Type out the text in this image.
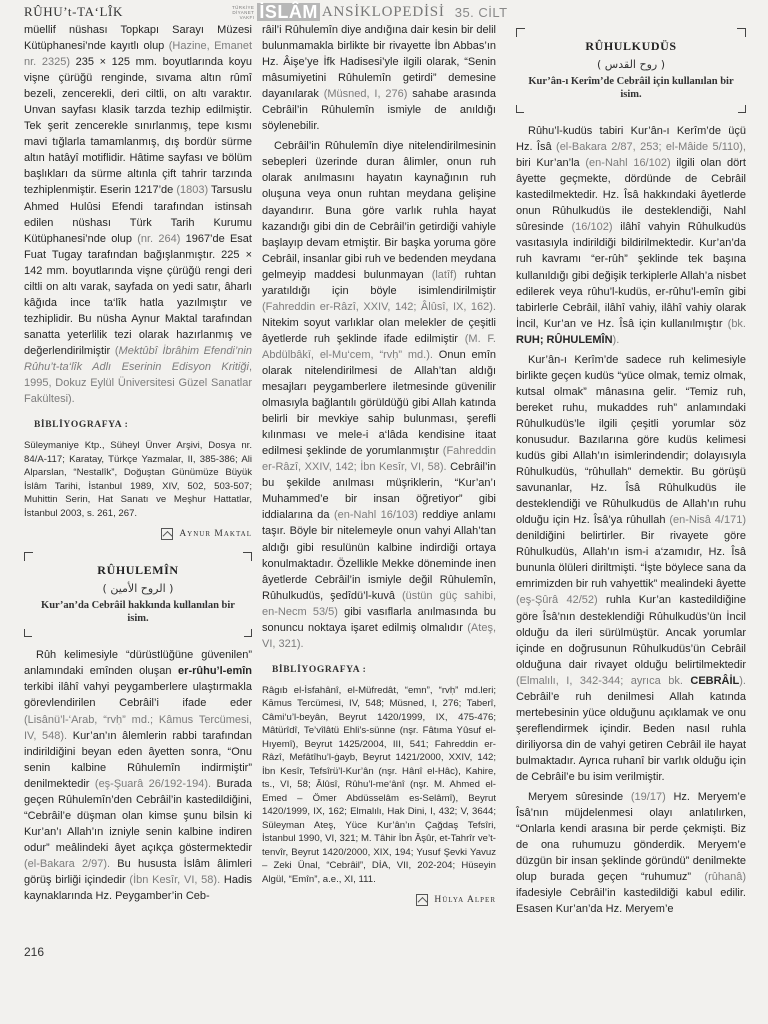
RÛHU’t-TA‘LÎK	TÜRKİYE
DİYANET
VAKFI İSLÂM ANSİKLOPEDİSİ 35. CİLT

müellif nüshası Topkapı Sarayı Müzesi Kütüphanesi’nde kayıtlı olup (Hazine, Emanet nr. 2325) 235 × 125 mm. boyutlarında koyu vişne çürüğü renginde, sıvama altın rûmî bezeli, zencerekli, deri ciltli, on altı varaktır. Unvan sayfası klasik tarzda tezhip edilmiştir. Tek şerit zencerekle sınırlanmış, tepe kısmı mavi tığlarla tamamlanmış, dış bordür sürme altın hatâyî motiflidir. Hâtime sayfası ve bölüm başlıkları da sürme altınla çift tahrir tarzında tezhiplenmiştir. Eserin 1217’de (1803) Tarsuslu Ahmed Hulûsi Efendi tarafından istinsah edilen nüshası Türk Tarih Kurumu Kütüphanesi’nde olup (nr. 264) 1967’de Esat Fuat Tugay tarafından bağışlanmıştır. 225 × 142 mm. boyutlarında vişne çürüğü rengi deri ciltli on altı varak, sayfada on yedi satır, âharlı kâğıda ince ta‘lîk hatla yazılmıştır ve tezhiplidir. Bu nüsha Aynur Maktal tarafından sanatta yeterlilik tezi olarak hazırlanmış ve değerlendirilmiştir (Mektûbî İbrâhim Efendi’nin Rûhu’t-ta‘lîk Adlı Eserinin Edisyon Kritiği, 1995, Dokuz Eylül Üniversitesi Güzel Sanatlar Fakültesi).

BİBLİYOGRAFYA :

Süleymaniye Ktp., Süheyl Ünver Arşivi, Dosya nr. 84/A-117; Karatay, Türkçe Yazmalar, II, 385-386; Ali Alparslan, “Nestalîk”, Doğuştan Günümüze Büyük İslâm Tarihi, İstanbul 1989, XIV, 502, 503-507; Muhittin Serin, Hat Sanatı ve Meşhur Hattatlar, İstanbul 2003, s. 261, 267.

Aynur Maktal
RÛHULEMÎN
( الروح الأمين )
Kur’an’da Cebrâil hakkında kullanılan bir isim.

Rûh kelimesiyle “dürüstlüğüne güvenilen” anlamındaki emînden oluşan er-rûhu’l-emîn terkibi ilâhî vahyi peygamberlere ulaştırmakla görevlendirilen Cebrâil’i ifade eder (Lisânü’l-‘Arab, “rvḥ” md.; Kâmus Tercümesi, IV, 548). Kur’an’ın âlemlerin rabbi tarafından indirildiğini beyan eden âyetten sonra, “Onu senin kalbine Rûhulemîn indirmiştir” denilmektedir (eş-Şuarâ 26/192-194). Burada geçen Rûhulemîn’den Cebrâil’in kastedildiğini, “Cebrâil’e düşman olan kimse şunu bilsin ki Kur’an’ı Allah’ın izniyle senin kalbine indiren odur” meâlindeki âyet açıkça göstermektedir (el-Bakara 2/97). Bu hususta İslâm âlimleri görüş birliği içindedir (İbn Kesîr, VI, 58). Hadis kaynaklarında Hz. Peygamber’in Ceb-

râil’i Rûhulemîn diye andığına dair kesin bir delil bulunmamakla birlikte bir rivayette İbn Abbas’ın Hz. Âişe’ye İfk Hadisesi’yle ilgili olarak, “Senin mâsumiyetini Rûhulemîn getirdi” demesine dayanılarak (Müsned, I, 276) sahabe arasında Cebrâil’in Rûhulemîn ismiyle de anıldığı söylenebilir.

Cebrâil’in Rûhulemîn diye nitelendirilmesinin sebepleri üzerinde duran âlimler, onun ruh olarak anılmasını hayatın kaynağının ruh oluşuna veya onun ruhtan meydana gelişine dayandırır. Buna göre varlık ruhla hayat kazandığı gibi din de Cebrâil’in getirdiği vahiyle başlayıp devam etmiştir. Bir başka yoruma göre Cebrâil, insanlar gibi ruh ve bedenden meydana gelmeyip maddesi bulunmayan (latîf) ruhtan yaratıldığı için böyle isimlendirilmiştir (Fahreddin er-Râzî, XXIV, 142; Âlûsî, IX, 162). Nitekim soyut varlıklar olan melekler de çeşitli âyetlerde ruh şeklinde ifade edilmiştir (M. F. Abdülbâkī, el-Mu‘cem, “rvḥ” md.). Onun emîn olarak nitelendirilmesi de Allah’tan aldığı mesajları peygamberlere iletmesinde güvenilir olmasıyla bağlantılı görüldüğü gibi Allah katında belirli bir mevkiye sahip bulunması, şerefli kılınması ve mele-i a‘lâda kendisine itaat edilmesi şeklinde de yorumlanmıştır (Fahreddin er-Râzî, XXIV, 142; İbn Kesîr, VI, 58). Cebrâil’in bu şekilde anılması müşriklerin, “Kur’an’ı Muhammed’e bir insan öğretiyor” gibi iddialarına da (en-Nahl 16/103) reddiye anlamı taşır. Böyle bir nitelemeyle onun vahyi Allah’tan aldığı gibi resulünün kalbine indirdiği ortaya konulmaktadır. Özellikle Mekke döneminde inen âyetlerde Cebrâil’in ismiyle değil Rûhulemîn, Rûhulkudüs, şedîdü’l-kuvâ (üstün güç sahibi, en-Necm 53/5) gibi vasıflarla anılmasında bu sonuncu noktaya işaret edilmiş olmalıdır (Ateş, VI, 321).

BİBLİYOGRAFYA :

Râgıb el-İsfahânî, el-Müfredât, “emn”, “rvḥ” md.leri; Kāmus Tercümesi, IV, 548; Müsned, I, 276; Taberî, Câmi‘u’l-beyân, Beyrut 1420/1999, IX, 475-476; Mâtürîdî, Te’vîlâtü Ehli’s-sünne (nşr. Fâtıma Yûsuf el-Hıyemî), Beyrut 1425/2004, III, 541; Fahreddin er-Râzî, Mefâtîhu’l-ġayb, Beyrut 1421/2000, XXIV, 142; İbn Kesîr, Tefsîrü’l-Kur’ân (nşr. Hânî el-Hâc), Kahire, ts., VI, 58; Âlûsî, Rûhu’l-me‘ânî (nşr. M. Ahmed el-Emed – Ömer Abdüsselâm es-Selâmî), Beyrut 1420/1999, IX, 162; Elmalılı, Hak Dini, I, 432; V, 3644; Süleyman Ateş, Yüce Kur’ân’ın Çağdaş Tefsîri, İstanbul 1990, VI, 321; M. Tâhir İbn Âşûr, et-Tahrîr ve’t-tenvîr, Beyrut 1420/2000, XIX, 194; Yusuf Şevki Yavuz – Zeki Ünal, “Cebrâil”, DİA, VII, 202-204; Hüseyin Algül, “Emîn”, a.e., XI, 111.

Hülya Alper
RÛHULKUDÜS
( روح القدس )
Kur’ân-ı Kerîm’de Cebrâil için kullanılan bir isim.

Rûhu’l-kudüs tabiri Kur’ân-ı Kerîm’de üçü Hz. Îsâ (el-Bakara 2/87, 253; el-Mâide 5/110), biri Kur’an’la (en-Nahl 16/102) ilgili olan dört âyette geçmekte, dördünde de Cebrâil kastedilmektedir. Hz. Îsâ hakkındaki âyetlerde onun Rûhulkudüs ile desteklendiği, Nahl sûresinde (16/102) ilâhî vahyin Rûhulkudüs vasıtasıyla indirildiği bildirilmektedir. Kur’an’da ruh kavramı “er-rûh” şeklinde tek başına kullanıldığı gibi değişik terkiplerle Allah’a nisbet edilerek veya rûhu’l-kudüs, er-rûhu’l-emîn gibi tabirlerle Cebrâil, ilâhî vahiy, ilâhî vahiy olarak İncil, Kur’an ve Hz. Îsâ için kullanılmıştır (bk. RUH; RÛHULEMÎN).

Kur’ân-ı Kerîm’de sadece ruh kelimesiyle birlikte geçen kudüs “yüce olmak, temiz olmak, kutsal olmak” mânasına gelir. “Temiz ruh, bereket ruhu, mukaddes ruh” anlamındaki Rûhulkudüs’le ilgili çeşitli yorumlar söz konusudur. Bazılarına göre kudüs kelimesi kudüs gibi Allah’ın isimlerindendir; dolayısıyla Rûhulkudüs, “rûhullah” demektir. Bu görüşü savunanlar, Hz. Îsâ Rûhulkudüs ile desteklendiği ve Rûhulkudüs de Allah’ın ruhu olduğu için Hz. Îsâ’ya rûhullah (en-Nisâ 4/171) denildiğini belirtirler. Bir rivayete göre Rûhulkudüs, Allah’ın ism-i a‘zamıdır, Hz. Îsâ bununla ölüleri diriltmişti. “İşte böylece sana da emrimizden bir ruh vahyettik” mealindeki âyette (eş-Şûrâ 42/52) ruhla Kur’an kastedildiğine göre Îsâ’nın desteklendiği Rûhulkudüs’ün İncil olduğu da ileri sürülmüştür. Ancak yorumlar içinde en doğrusunun Rûhulkudüs’ün Cebrâil olduğuna dair rivayet olduğu belirtilmektedir (Elmalılı, I, 342-344; ayrıca bk. CEBRÂİL). Cebrâil’e ruh denilmesi Allah katında mertebesinin yüce olduğunu açıklamak ve onu şereflendirmek içindir. Beden nasıl ruhla diriliyorsa din de vahyi getiren Cebrâil ile hayat bulmaktadır. Ayrıca ruhanî bir varlık olduğu için de Cebrâil’e bu isim verilmiştir.

Meryem sûresinde (19/17) Hz. Meryem’e Îsâ’nın müjdelenmesi olayı anlatılırken, “Onlarla kendi arasına bir perde çekmişti. Biz de ona ruhumuzu gönderdik. Meryem’e düzgün bir insan şeklinde göründü” denilmekte olup burada geçen “ruhumuz” (rûhanâ) ifadesiyle Cebrâil’in kastedildiği kabul edilir. Esasen Kur’an’da Hz. Meryem’e

216
